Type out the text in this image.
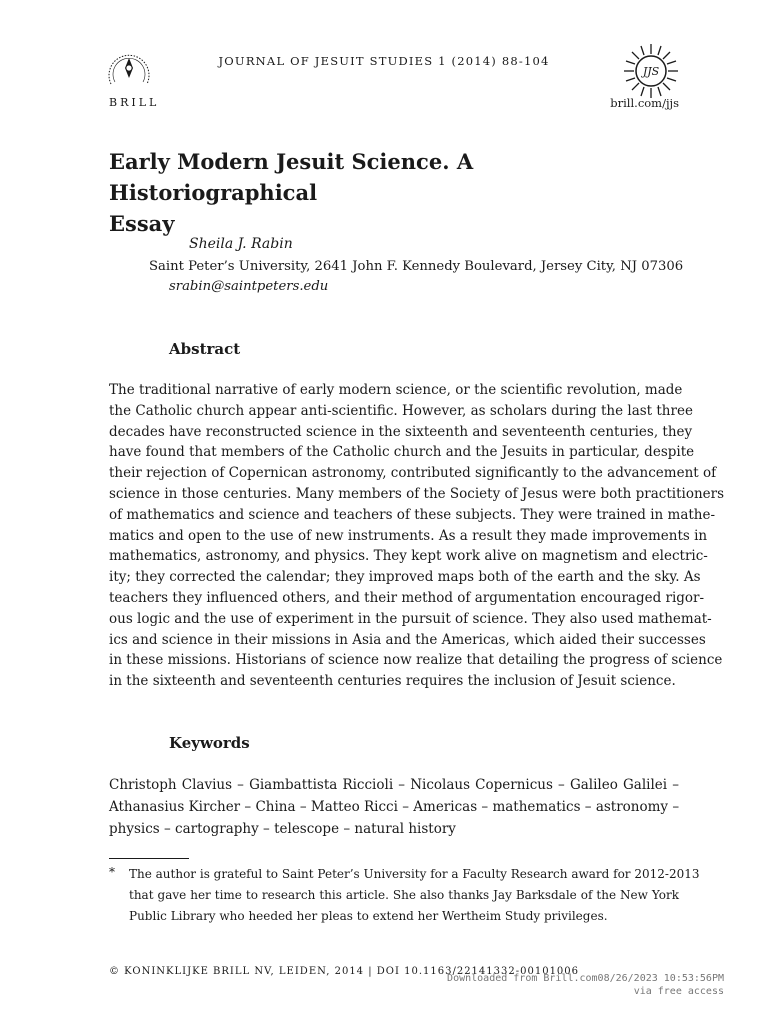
BRILL
JOURNAL OF JESUIT STUDIES 1 (2014) 88-104
JJS
brill.com/jjs
Early Modern Jesuit Science. A Historiographical
Essay
Sheila J. Rabin
Saint Peter’s University, 2641 John F. Kennedy Boulevard, Jersey City, NJ 07306
srabin@saintpeters.edu
Abstract
The traditional narrative of early modern science, or the scientific revolution, made
the Catholic church appear anti-scientific. However, as scholars during the last three
decades have reconstructed science in the sixteenth and seventeenth centuries, they
have found that members of the Catholic church and the Jesuits in particular, despite
their rejection of Copernican astronomy, contributed significantly to the advancement of
science in those centuries. Many members of the Society of Jesus were both practitioners
of mathematics and science and teachers of these subjects. They were trained in mathe-
matics and open to the use of new instruments. As a result they made improvements in
mathematics, astronomy, and physics. They kept work alive on magnetism and electric-
ity; they corrected the calendar; they improved maps both of the earth and the sky. As
teachers they influenced others, and their method of argumentation encouraged rigor-
ous logic and the use of experiment in the pursuit of science. They also used mathemat-
ics and science in their missions in Asia and the Americas, which aided their successes
in these missions. Historians of science now realize that detailing the progress of science
in the sixteenth and seventeenth centuries requires the inclusion of Jesuit science.
Keywords
Christoph Clavius – Giambattista Riccioli – Nicolaus Copernicus – Galileo Galilei –
Athanasius Kircher – China – Matteo Ricci – Americas – mathematics – astronomy –
physics – cartography – telescope – natural history
* The author is grateful to Saint Peter’s University for a Faculty Research award for 2012-2013
that gave her time to research this article. She also thanks Jay Barksdale of the New York
Public Library who heeded her pleas to extend her Wertheim Study privileges.
© KONINKLIJKE BRILL NV, LEIDEN, 2014 | DOI 10.1163/22141332-00101006
Downloaded from Brill.com08/26/2023 10:53:56PM
via free access
